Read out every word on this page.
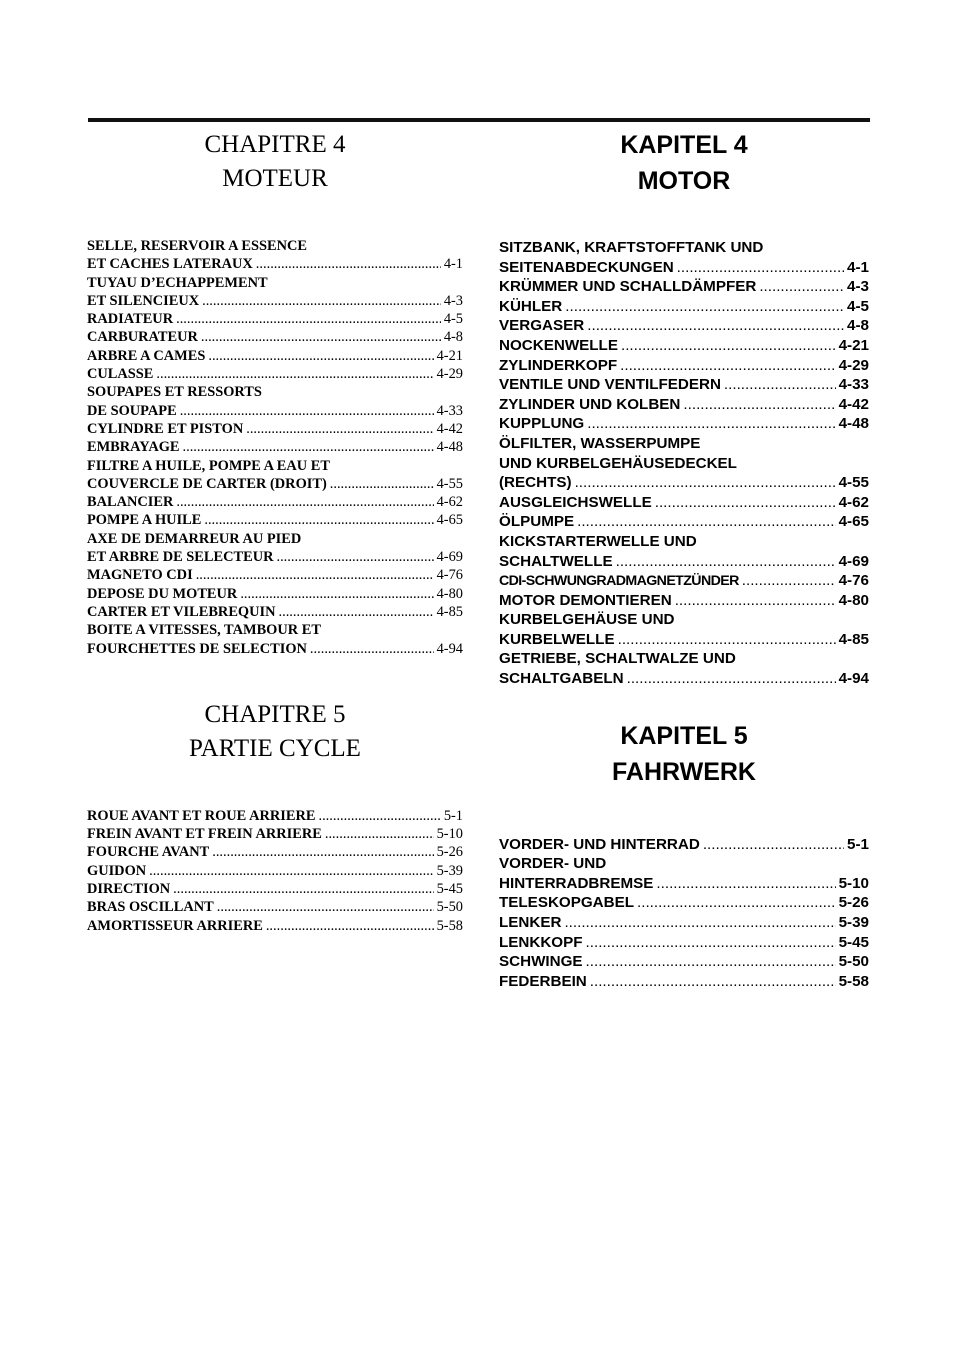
CHAPITRE 4
MOTEUR
SELLE, RESERVOIR A ESSENCE
ET CACHES LATERAUX .....	4-1
TUYAU D’ECHAPPEMENT
ET SILENCIEUX .....	4-3
RADIATEUR .....	4-5
CARBURATEUR .....	4-8
ARBRE A CAMES .....	4-21
CULASSE .....	4-29
SOUPAPES ET RESSORTS
DE SOUPAPE .....	4-33
CYLINDRE ET PISTON .....	4-42
EMBRAYAGE .....	4-48
FILTRE A HUILE, POMPE A EAU ET
COUVERCLE DE CARTER (DROIT) .....	4-55
BALANCIER .....	4-62
POMPE A HUILE .....	4-65
AXE DE DEMARREUR AU PIED
ET ARBRE DE SELECTEUR .....	4-69
MAGNETO CDI .....	4-76
DEPOSE DU MOTEUR .....	4-80
CARTER ET VILEBREQUIN .....	4-85
BOITE A VITESSES, TAMBOUR ET
FOURCHETTES DE SELECTION .....	4-94
CHAPITRE 5
PARTIE CYCLE
ROUE AVANT ET ROUE ARRIERE .....	5-1
FREIN AVANT ET FREIN ARRIERE .....	5-10
FOURCHE AVANT .....	5-26
GUIDON .....	5-39
DIRECTION .....	5-45
BRAS OSCILLANT .....	5-50
AMORTISSEUR ARRIERE .....	5-58
KAPITEL 4
MOTOR
SITZBANK, KRAFTSTOFFTANK UND
SEITENABDECKUNGEN .....	4-1
KRÜMMER UND SCHALLDÄMPFER .....	4-3
KÜHLER .....	4-5
VERGASER .....	4-8
NOCKENWELLE .....	4-21
ZYLINDERKOPF .....	4-29
VENTILE UND VENTILFEDERN .....	4-33
ZYLINDER UND KOLBEN .....	4-42
KUPPLUNG .....	4-48
ÖLFILTER, WASSERPUMPE
UND KURBELGEHÄUSEDECKEL
(RECHTS) .....	4-55
AUSGLEICHSWELLE .....	4-62
ÖLPUMPE .....	4-65
KICKSTARTERWELLE UND
SCHALTWELLE .....	4-69
CDI-SCHWUNGRADMAGNETZÜNDER .....	4-76
MOTOR DEMONTIEREN .....	4-80
KURBELGEHÄUSE UND
KURBELWELLE .....	4-85
GETRIEBE, SCHALTWALZE UND
SCHALTGABELN .....	4-94
KAPITEL 5
FAHRWERK
VORDER- UND HINTERRAD .....	5-1
VORDER- UND
HINTERRADBREMSE .....	5-10
TELESKOPGABEL .....	5-26
LENKER .....	5-39
LENKKOPF .....	5-45
SCHWINGE .....	5-50
FEDERBEIN .....	5-58
